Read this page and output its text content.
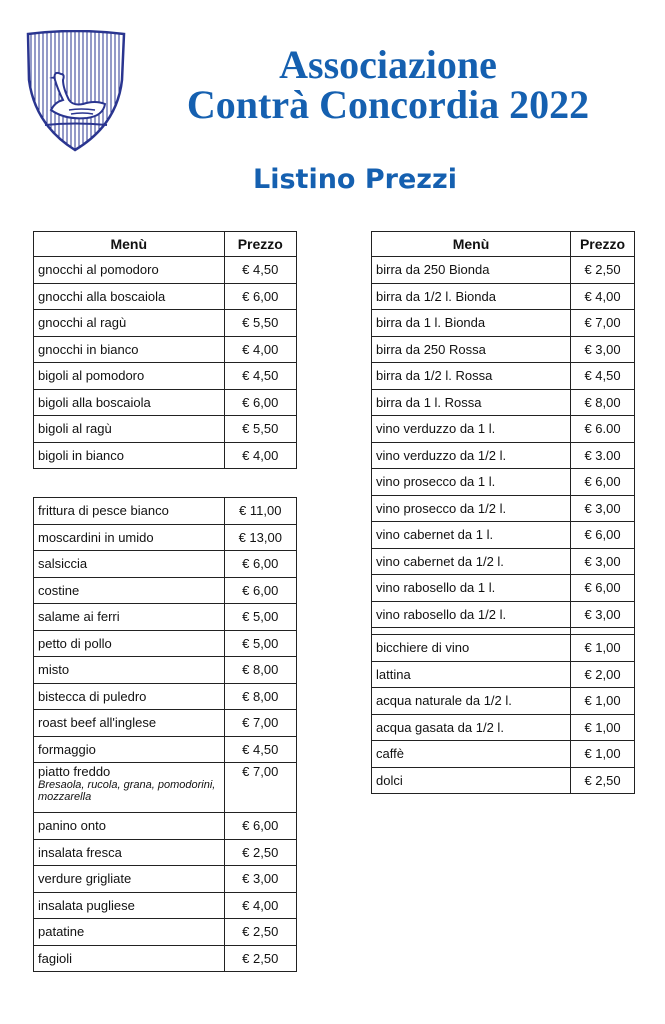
Associazione
Contrà Concordia 2022
Listino Prezzi
Menù	Prezzo
gnocchi al pomodoro	€ 4,50
gnocchi alla boscaiola	€ 6,00
gnocchi al ragù	€ 5,50
gnocchi in bianco	€ 4,00
bigoli al pomodoro	€ 4,50
bigoli alla boscaiola	€ 6,00
bigoli al ragù	€ 5,50
bigoli in bianco	€ 4,00
frittura di pesce bianco	€ 11,00
moscardini in umido	€ 13,00
salsiccia	€ 6,00
costine	€ 6,00
salame ai ferri	€ 5,00
petto di pollo	€ 5,00
misto	€ 8,00
bistecca di puledro	€ 8,00
roast beef all'inglese	€ 7,00
formaggio	€ 4,50

piatto freddo
Bresaola, rucola, grana, pomodorini, mozzarella	€ 7,00
panino onto	€ 6,00
insalata fresca	€ 2,50
verdure grigliate	€ 3,00
insalata pugliese	€ 4,00
patatine	€ 2,50
fagioli	€ 2,50
Menù	Prezzo
birra da 250 Bionda	€ 2,50
birra da 1/2 l. Bionda	€ 4,00
birra da 1 l. Bionda	€ 7,00
birra da 250 Rossa	€ 3,00
birra da 1/2 l. Rossa	€ 4,50
birra da 1 l. Rossa	€ 8,00
vino verduzzo da 1 l.	€ 6.00
vino verduzzo da 1/2 l.	€ 3.00
vino prosecco da 1 l.	€ 6,00
vino prosecco da 1/2 l.	€ 3,00
vino cabernet da 1 l.	€ 6,00
vino cabernet da 1/2 l.	€ 3,00
vino rabosello da 1 l.	€ 6,00
vino rabosello da 1/2 l.	€ 3,00

bicchiere di vino	€ 1,00
lattina	€ 2,00
acqua naturale da 1/2 l.	€ 1,00
acqua gasata da 1/2 l.	€ 1,00
caffè	€ 1,00
dolci	€ 2,50
